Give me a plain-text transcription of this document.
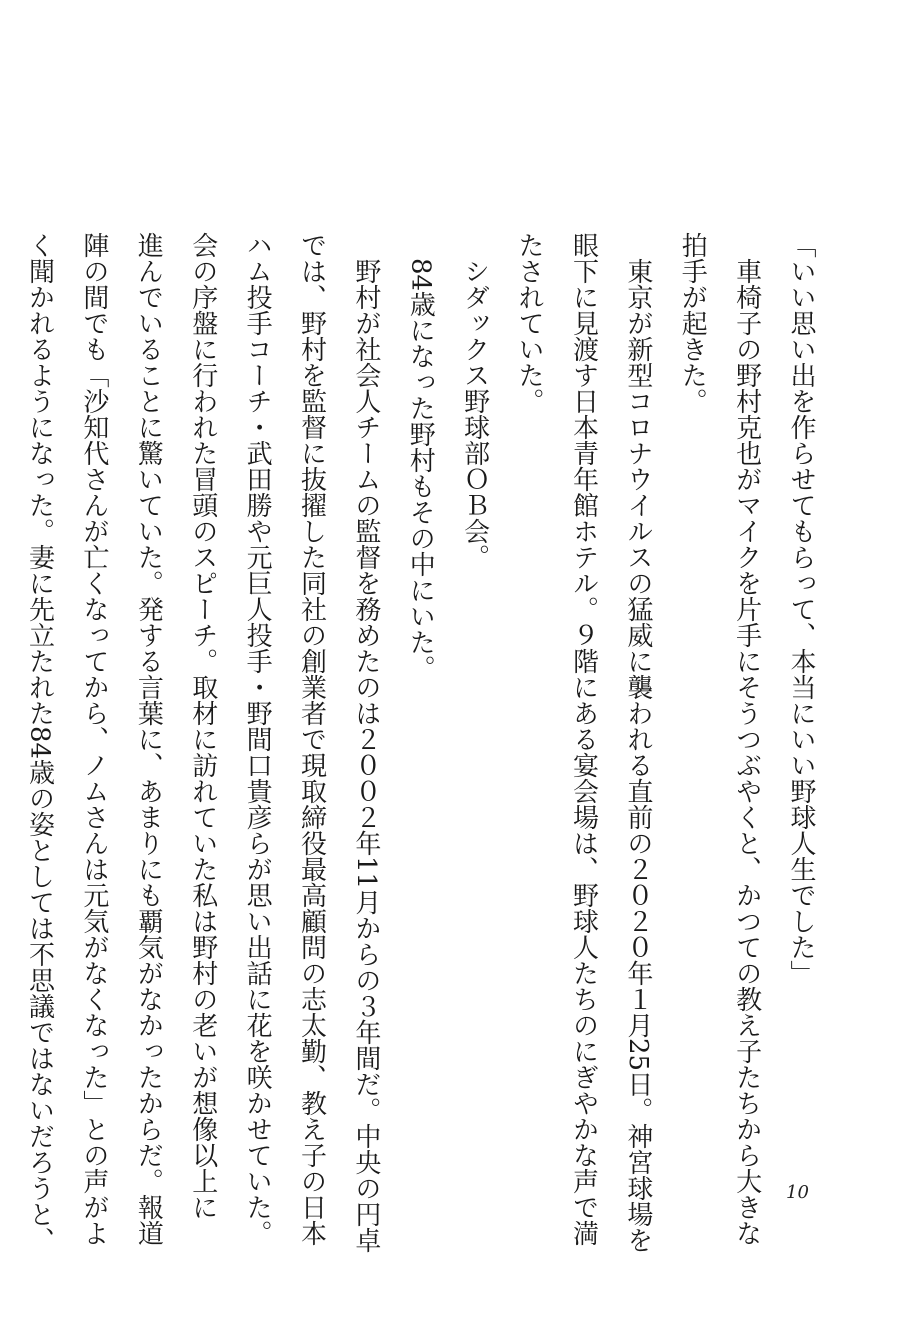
「いい思い出を作らせてもらって、本当にいい野球人生でした」
　車椅子の野村克也がマイクを片手にそうつぶやくと、かつての教え子たちから大きな
拍手が起きた。
　東京が新型コロナウイルスの猛威に襲われる直前の２０２０年１月25日。神宮球場を
眼下に見渡す日本青年館ホテル。９階にある宴会場は、野球人たちのにぎやかな声で満
たされていた。
　シダックス野球部ＯＢ会。
　84歳になった野村もその中にいた。
　野村が社会人チームの監督を務めたのは２００２年11月からの３年間だ。中央の円卓
では、野村を監督に抜擢した同社の創業者で現取締役最高顧問の志太勤、教え子の日本
ハム投手コーチ・武田勝や元巨人投手・野間口貴彦らが思い出話に花を咲かせていた。
会の序盤に行われた冒頭のスピーチ。取材に訪れていた私は野村の老いが想像以上に
進んでいることに驚いていた。発する言葉に、あまりにも覇気がなかったからだ。報道
陣の間でも「沙知代さんが亡くなってから、ノムさんは元気がなくなった」との声がよ
く聞かれるようになった。妻に先立たれた84歳の姿としては不思議ではないだろうと、	10
